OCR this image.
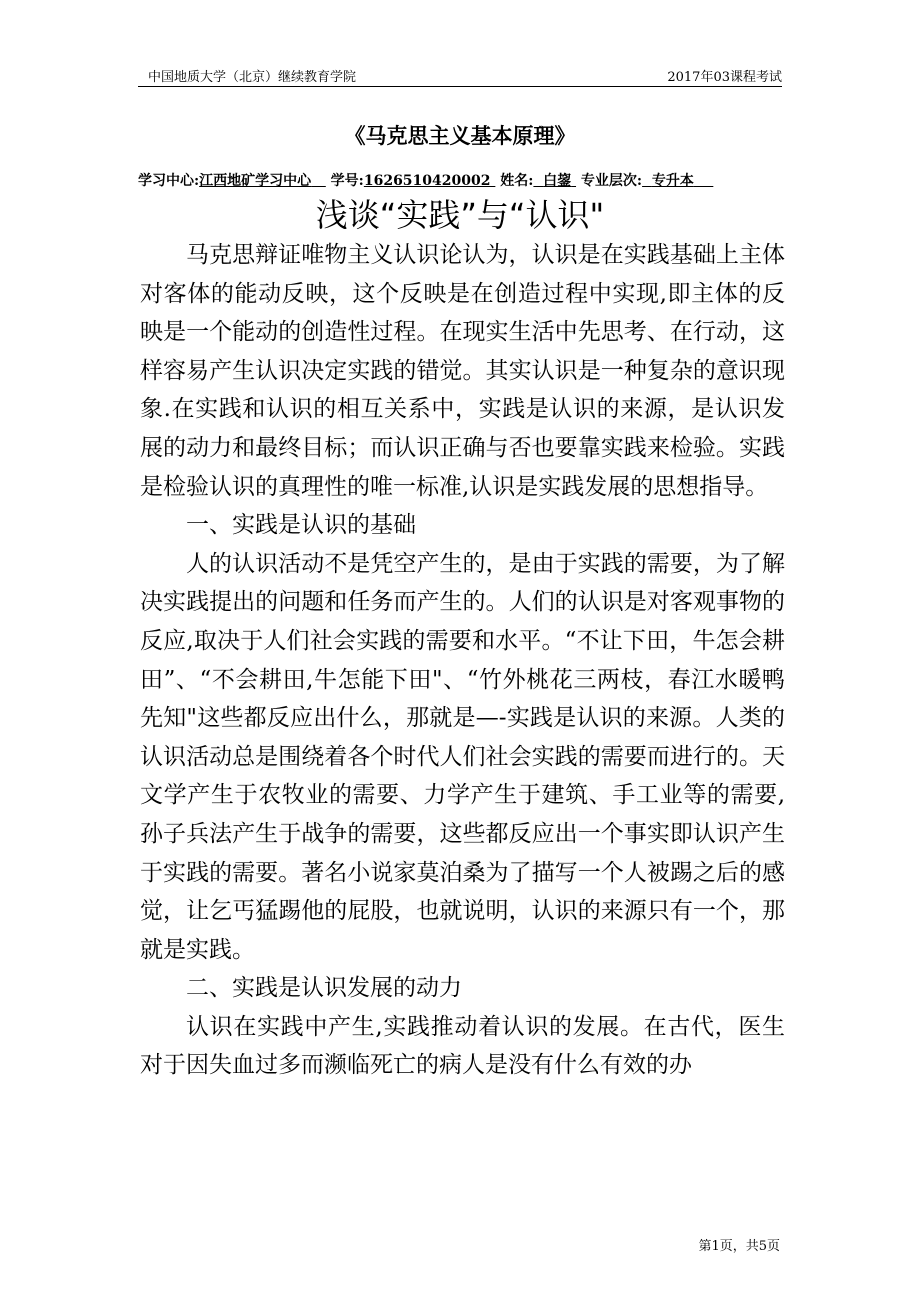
中国地质大学（北京）继续教育学院	2017年03课程考试
《马克思主义基本原理》
学习中心:江西地矿学习中心 学号:1626510420002 姓名: 白鋆 专业层次: 专升本
浅谈“实践”与“认识"

马克思辩证唯物主义认识论认为，认识是在实践基础上主体对客体的能动反映，这个反映是在创造过程中实现,即主体的反映是一个能动的创造性过程。在现实生活中先思考、在行动，这样容易产生认识决定实践的错觉。其实认识是一种复杂的意识现象.在实践和认识的相互关系中，实践是认识的来源，是认识发展的动力和最终目标；而认识正确与否也要靠实践来检验。实践是检验认识的真理性的唯一标准,认识是实践发展的思想指导。

一、实践是认识的基础

人的认识活动不是凭空产生的，是由于实践的需要，为了解决实践提出的问题和任务而产生的。人们的认识是对客观事物的反应,取决于人们社会实践的需要和水平。“不让下田，牛怎会耕田”、“不会耕田,牛怎能下田"、“竹外桃花三两枝，春江水暖鸭先知"这些都反应出什么，那就是—-实践是认识的来源。人类的认识活动总是围绕着各个时代人们社会实践的需要而进行的。天文学产生于农牧业的需要、力学产生于建筑、手工业等的需要,孙子兵法产生于战争的需要，这些都反应出一个事实即认识产生于实践的需要。著名小说家莫泊桑为了描写一个人被踢之后的感觉，让乞丐猛踢他的屁股，也就说明，认识的来源只有一个，那就是实践。

二、实践是认识发展的动力

认识在实践中产生,实践推动着认识的发展。在古代，医生对于因失血过多而濒临死亡的病人是没有什么有效的办

第1页，共5页
